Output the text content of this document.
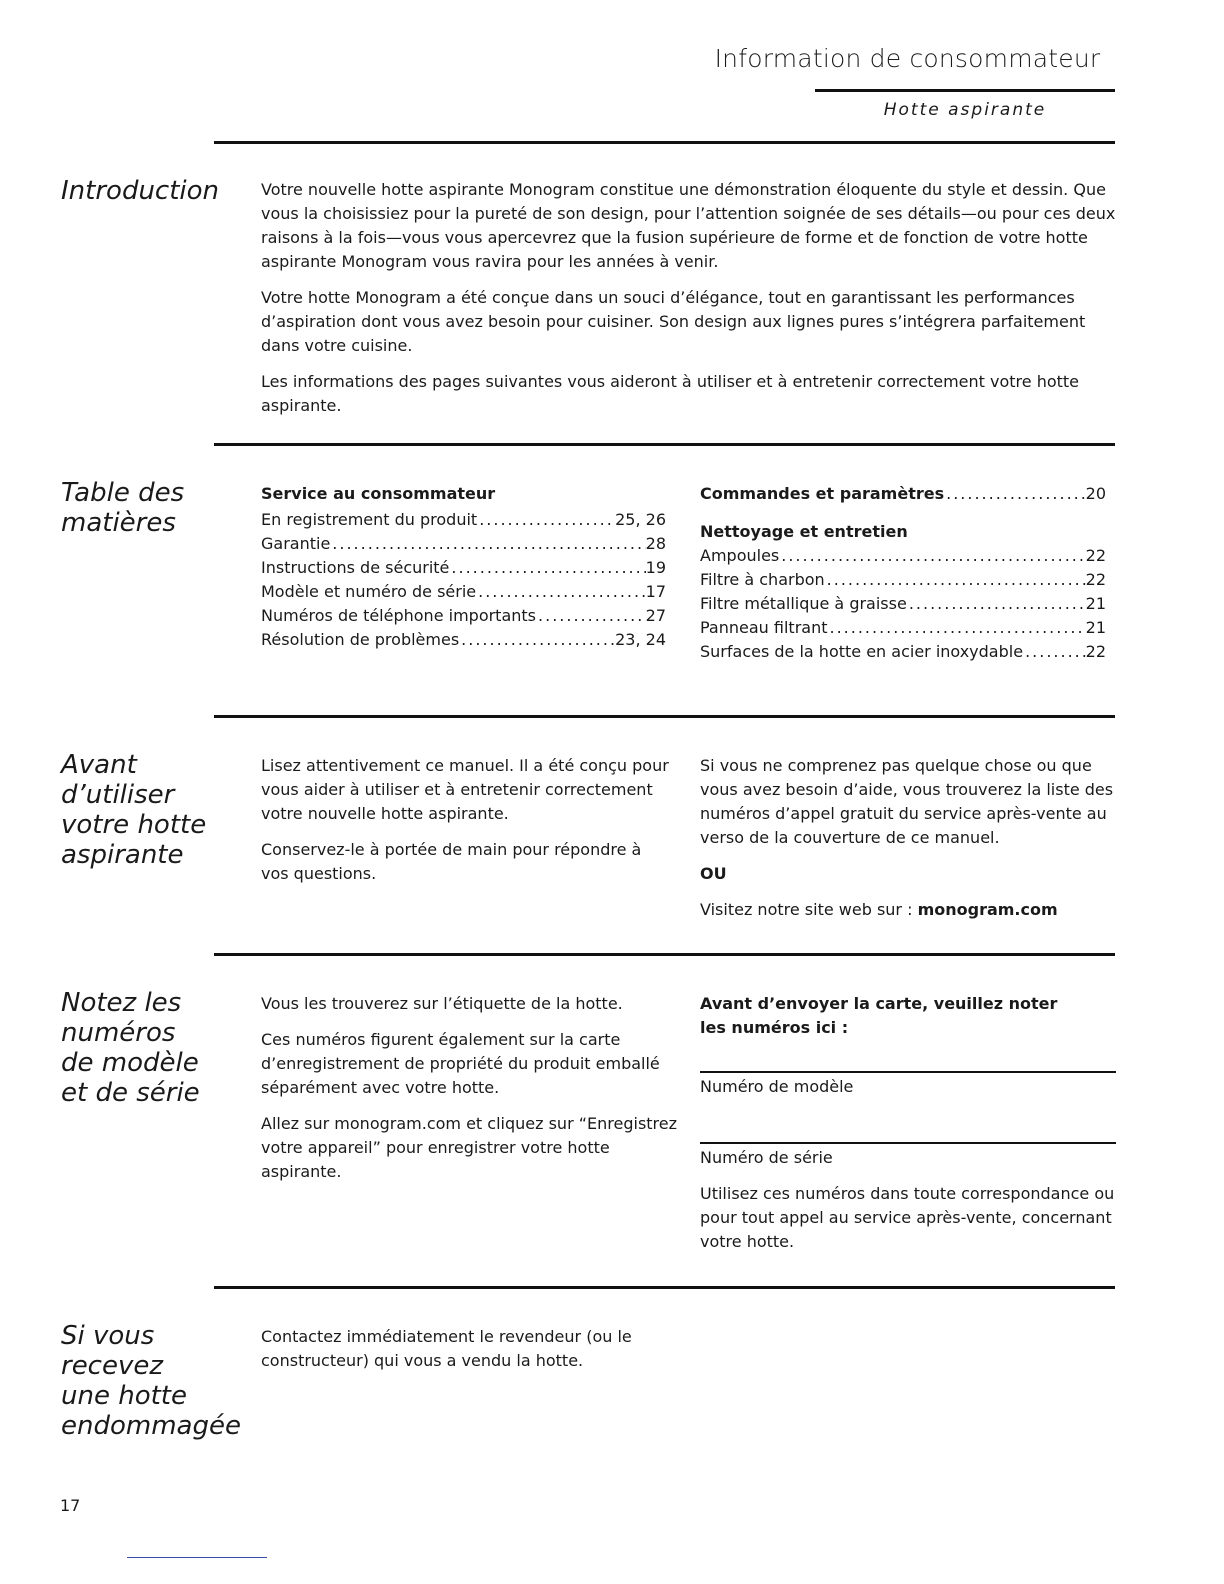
Information de consommateur
Hotte aspirante
Introduction	Votre nouvelle hotte aspirante Monogram constitue une démonstration éloquente du style et dessin. Que vous la choisissiez pour la pureté de son design, pour l’attention soignée de ses détails—ou pour ces deux raisons à la fois—vous vous apercevrez que la fusion supérieure de forme et de fonction de votre hotte aspirante Monogram vous ravira pour les années à venir.

Votre hotte Monogram a été conçue dans un souci d’élégance, tout en garantissant les performances d’aspiration dont vous avez besoin pour cuisiner. Son design aux lignes pures s’intégrera parfaitement dans votre cuisine.

Les informations des pages suivantes vous aideront à utiliser et à entretenir correctement votre hotte aspirante.

Table des
matières

Service au consommateur

En registrement du produit .....	25, 26
Garantie .....	28
Instructions de sécurité .....	19
Modèle et numéro de série .....	17
Numéros de téléphone importants .....	27
Résolution de problèmes .....	23, 24
Commandes et paramètres .....	20

Nettoyage et entretien

Ampoules .....	22
Filtre à charbon .....	22
Filtre métallique à graisse .....	21
Panneau filtrant .....	21
Surfaces de la hotte en acier inoxydable .....	22
Avant
d’utiliser
votre hotte
aspirante

Lisez attentivement ce manuel. Il a été conçu pour vous aider à utiliser et à entretenir correctement votre nouvelle hotte aspirante.

Conservez-le à portée de main pour répondre à vos questions.

Si vous ne comprenez pas quelque chose ou que vous avez besoin d’aide, vous trouverez la liste des numéros d’appel gratuit du service après-vente au verso de la couverture de ce manuel.

OU

Visitez notre site web sur : monogram.com

Notez les
numéros
de modèle
et de série

Vous les trouverez sur l’étiquette de la hotte.

Ces numéros figurent également sur la carte d’enregistrement de propriété du produit emballé séparément avec votre hotte.

Allez sur monogram.com et cliquez sur “Enregistrez votre appareil” pour enregistrer votre hotte aspirante.

Avant d’envoyer la carte, veuillez noter les numéros ici :

Numéro de modèle
Numéro de série
Utilisez ces numéros dans toute correspondance ou pour tout appel au service après-vente, concernant votre hotte.
Si vous
recevez
une hotte
endommagée

Contactez immédiatement le revendeur (ou le constructeur) qui vous a vendu la hotte.

17
